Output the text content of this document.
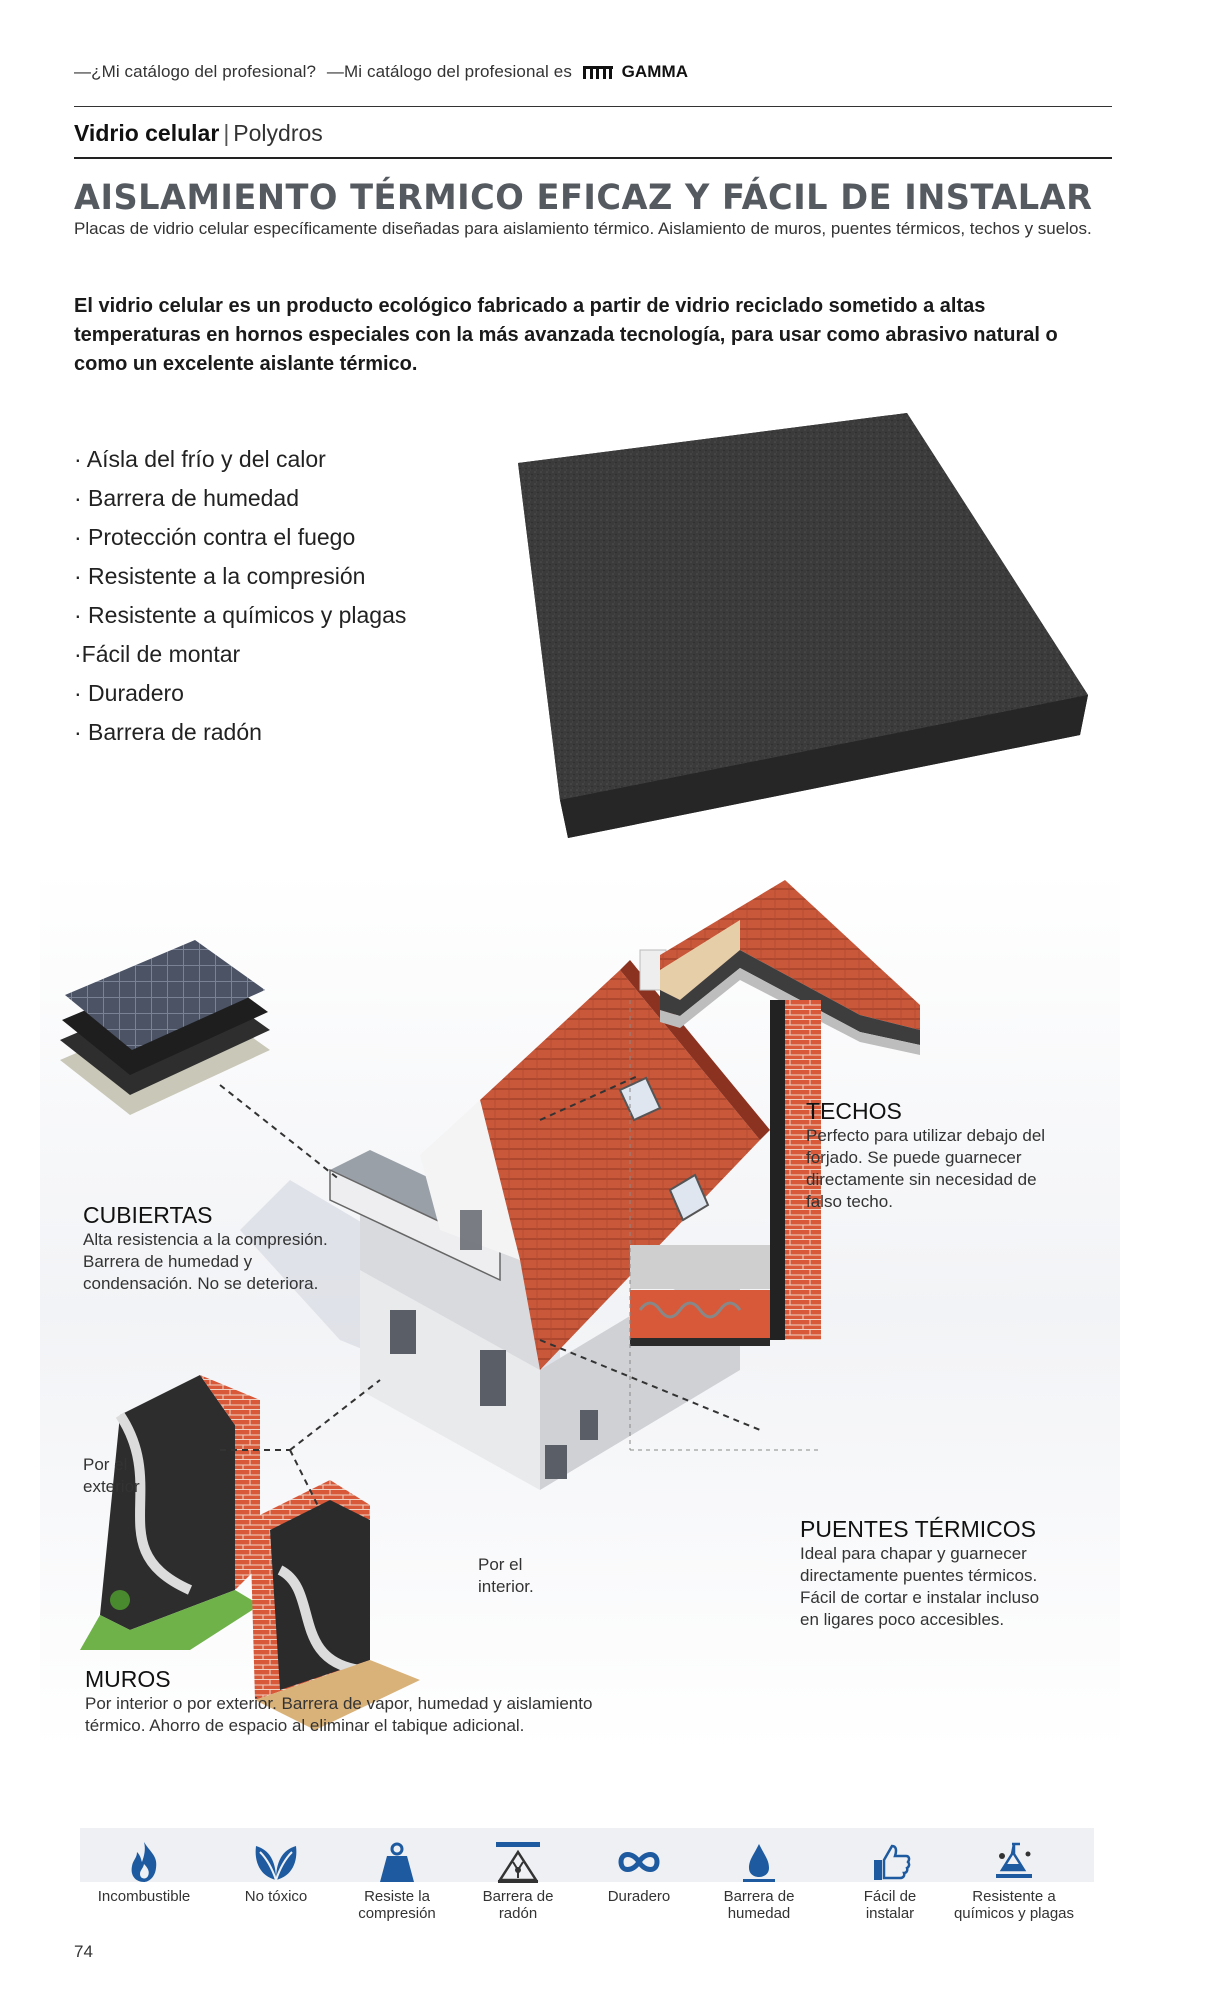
—¿Mi catálogo del profesional? —Mi catálogo del profesional es	GAMMA
Vidrio celular | Polydros
AISLAMIENTO TÉRMICO EFICAZ Y FÁCIL DE INSTALAR
Placas de vidrio celular específicamente diseñadas para aislamiento térmico. Aislamiento de muros, puentes térmicos, techos y suelos.
El vidrio celular es un producto ecológico fabricado a partir de vidrio reciclado sometido a altas temperaturas en hornos especiales con la más avanzada tecnología, para usar como abrasivo natural o como un excelente aislante térmico.
· Aísla del frío y del calor
· Barrera de humedad
· Protección contra el fuego
· Resistente a la compresión
· Resistente a químicos y plagas
·Fácil de montar
· Duradero
· Barrera de radón
CUBIERTAS
Alta resistencia a la compresión.
Barrera de humedad y
condensación. No se deteriora.
TECHOS
Perfecto para utilizar debajo del
forjado. Se puede guarnecer
directamente sin necesidad de
falso techo.
PUENTES TÉRMICOS
Ideal para chapar y guarnecer
directamente puentes térmicos.
Fácil de cortar e instalar incluso
en ligares poco accesibles.
Por el
exterior
Por el
interior.
MUROS
Por interior o por exterior. Barrera de vapor, humedad y aislamiento
térmico. Ahorro de espacio al eliminar el tabique adicional.
Incombustible	No tóxico	Resiste la
compresión
Barrera de
radón
Duradero	Barrera de
humedad
Fácil de
instalar
Resistente a
químicos y plagas
74
